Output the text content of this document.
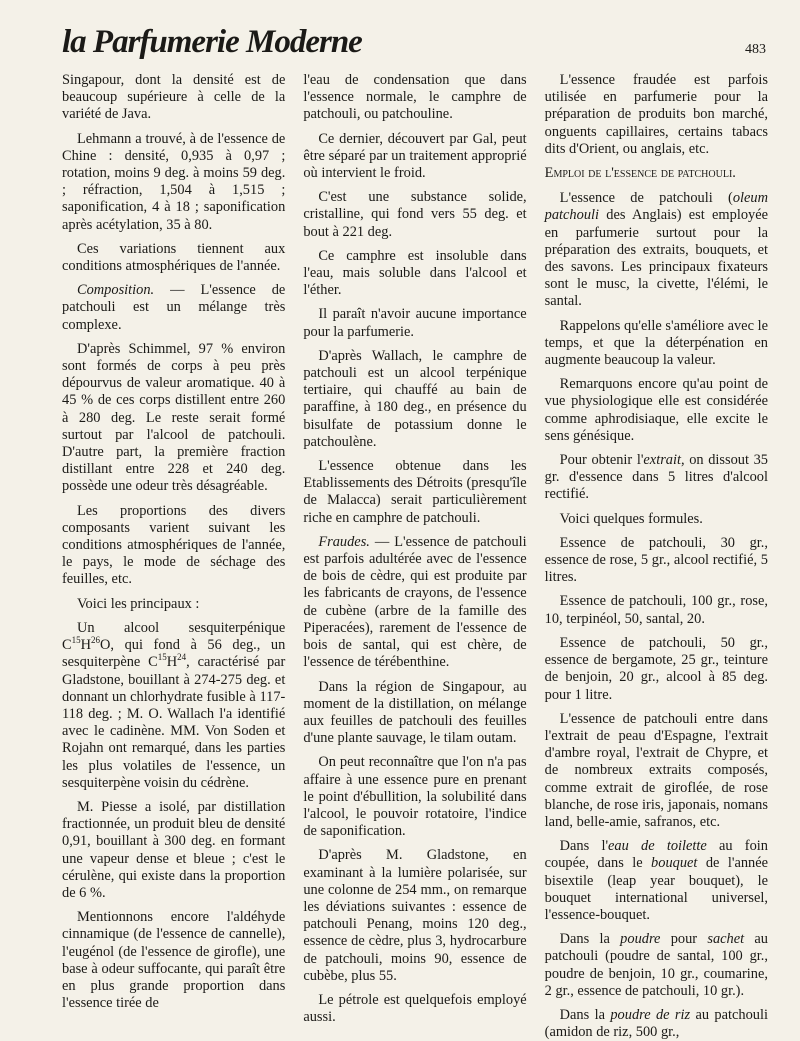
la Parfumerie Moderne	483

Singapour, dont la densité est de beaucoup supérieure à celle de la variété de Java.

Lehmann a trouvé, à de l'essence de Chine : densité, 0,935 à 0,97 ; rotation, moins 9 deg. à moins 59 deg. ; réfraction, 1,504 à 1,515 ; saponification, 4 à 18 ; saponification après acétylation, 35 à 80.

Ces variations tiennent aux conditions atmosphériques de l'année.

Composition. — L'essence de patchouli est un mélange très complexe.

D'après Schimmel, 97 % environ sont formés de corps à peu près dépourvus de valeur aromatique. 40 à 45 % de ces corps distillent entre 260 à 280 deg. Le reste serait formé surtout par l'alcool de patchouli. D'autre part, la première fraction distillant entre 228 et 240 deg. possède une odeur très désagréable.

Les proportions des divers composants varient suivant les conditions atmosphériques de l'année, le pays, le mode de séchage des feuilles, etc.

Voici les principaux :

Un alcool sesquiterpénique $C^{15}H^{26}O$, qui fond à 56 deg., un sesquiterpène $C^{15}H^{24}$, caractérisé par Gladstone, bouillant à 274-275 deg. et donnant un chlorhydrate fusible à 117-118 deg. ; M. O. Wallach l'a identifié avec le cadinène. MM. Von Soden et Rojahn ont remarqué, dans les parties les plus volatiles de l'essence, un sesquiterpène voisin du cédrène.

M. Piesse a isolé, par distillation fractionnée, un produit bleu de densité 0,91, bouillant à 300 deg. en formant une vapeur dense et bleue ; c'est le cérulène, qui existe dans la proportion de 6 %.

Mentionnons encore l'aldéhyde cinnamique (de l'essence de cannelle), l'eugénol (de l'essence de girofle), une base à odeur suffocante, qui paraît être en plus grande proportion dans l'essence tirée de

l'eau de condensation que dans l'essence normale, le camphre de patchouli, ou patchouline.

Ce dernier, découvert par Gal, peut être séparé par un traitement approprié où intervient le froid.

C'est une substance solide, cristalline, qui fond vers 55 deg. et bout à 221 deg.

Ce camphre est insoluble dans l'eau, mais soluble dans l'alcool et l'éther.

Il paraît n'avoir aucune importance pour la parfumerie.

D'après Wallach, le camphre de patchouli est un alcool terpénique tertiaire, qui chauffé au bain de paraffine, à 180 deg., en présence du bisulfate de potassium donne le patchoulène.

L'essence obtenue dans les Etablissements des Détroits (presqu'île de Malacca) serait particulièrement riche en camphre de patchouli.

Fraudes. — L'essence de patchouli est parfois adultérée avec de l'essence de bois de cèdre, qui est produite par les fabricants de crayons, de l'essence de cubène (arbre de la famille des Piperacées), rarement de l'essence de bois de santal, qui est chère, de l'essence de térébenthine.

Dans la région de Singapour, au moment de la distillation, on mélange aux feuilles de patchouli des feuilles d'une plante sauvage, le tilam outam.

On peut reconnaître que l'on n'a pas affaire à une essence pure en prenant le point d'ébullition, la solubilité dans l'alcool, le pouvoir rotatoire, l'indice de saponification.

D'après M. Gladstone, en examinant à la lumière polarisée, sur une colonne de 254 mm., on remarque les déviations suivantes : essence de patchouli Penang, moins 120 deg., essence de cèdre, plus 3, hydrocarbure de patchouli, moins 90, essence de cubèbe, plus 55.

Le pétrole est quelquefois employé aussi.

L'essence fraudée est parfois utilisée en parfumerie pour la préparation de produits bon marché, onguents capillaires, certains tabacs dits d'Orient, ou anglais, etc.

Emploi de l'essence de patchouli.

L'essence de patchouli (oleum patchouli des Anglais) est employée en parfumerie surtout pour la préparation des extraits, bouquets, et des savons. Les principaux fixateurs sont le musc, la civette, l'élémi, le santal.

Rappelons qu'elle s'améliore avec le temps, et que la déterpénation en augmente beaucoup la valeur.

Remarquons encore qu'au point de vue physiologique elle est considérée comme aphrodisiaque, elle excite le sens génésique.

Pour obtenir l'extrait, on dissout 35 gr. d'essence dans 5 litres d'alcool rectifié.

Voici quelques formules.

Essence de patchouli, 30 gr., essence de rose, 5 gr., alcool rectifié, 5 litres.

Essence de patchouli, 100 gr., rose, 10, terpinéol, 50, santal, 20.

Essence de patchouli, 50 gr., essence de bergamote, 25 gr., teinture de benjoin, 20 gr., alcool à 85 deg. pour 1 litre.

L'essence de patchouli entre dans l'extrait de peau d'Espagne, l'extrait d'ambre royal, l'extrait de Chypre, et de nombreux extraits composés, comme extrait de giroflée, de rose blanche, de rose iris, japonais, nomans land, belle-amie, safranos, etc.

Dans l'eau de toilette au foin coupée, dans le bouquet de l'année bisextile (leap year bouquet), le bouquet international universel, l'essence-bouquet.

Dans la poudre pour sachet au patchouli (poudre de santal, 100 gr., poudre de benjoin, 10 gr., coumarine, 2 gr., essence de patchouli, 10 gr.).

Dans la poudre de riz au patchouli (amidon de riz, 500 gr.,
